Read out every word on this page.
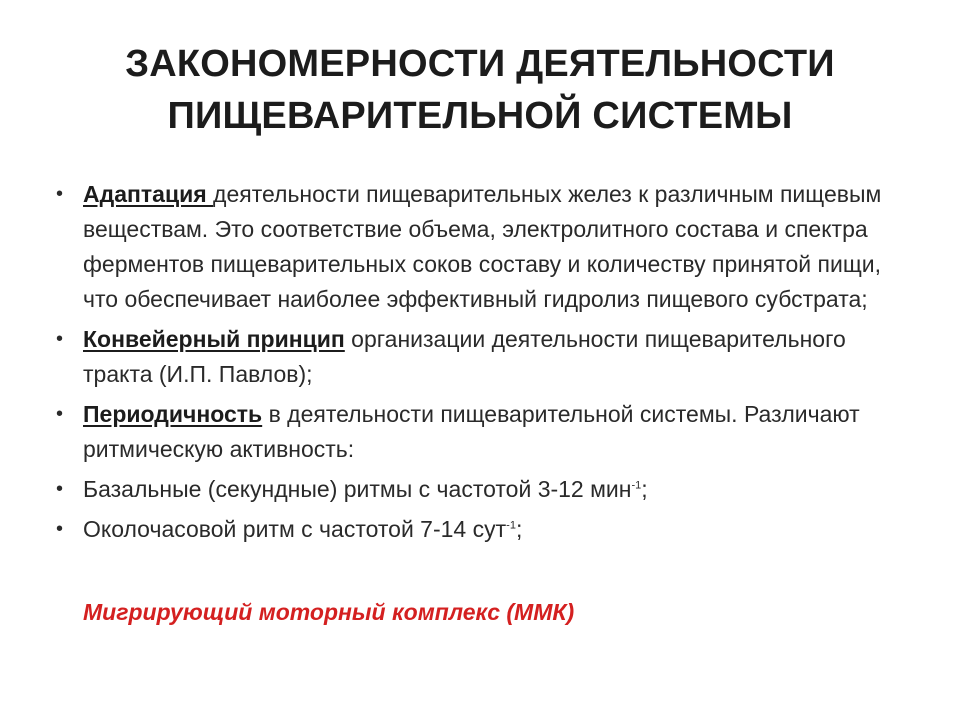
ЗАКОНОМЕРНОСТИ ДЕЯТЕЛЬНОСТИ
ПИЩЕВАРИТЕЛЬНОЙ СИСТЕМЫ
• Адаптация деятельности пищеварительных желез к различным пищевым веществам. Это соответствие объема, электролитного состава и спектра ферментов пищеварительных соков составу и количеству принятой пищи, что обеспечивает наиболее эффективный гидролиз пищевого субстрата;
• Конвейерный принцип организации деятельности пищеварительного тракта (И.П. Павлов);
• Периодичность в деятельности пищеварительной системы. Различают ритмическую активность:
• Базальные (секундные) ритмы с частотой 3-12 мин$^{-1}$;
• Околочасовой ритм с частотой 7-14 сут$^{-1}$;
Мигрирующий моторный комплекс (ММК)
